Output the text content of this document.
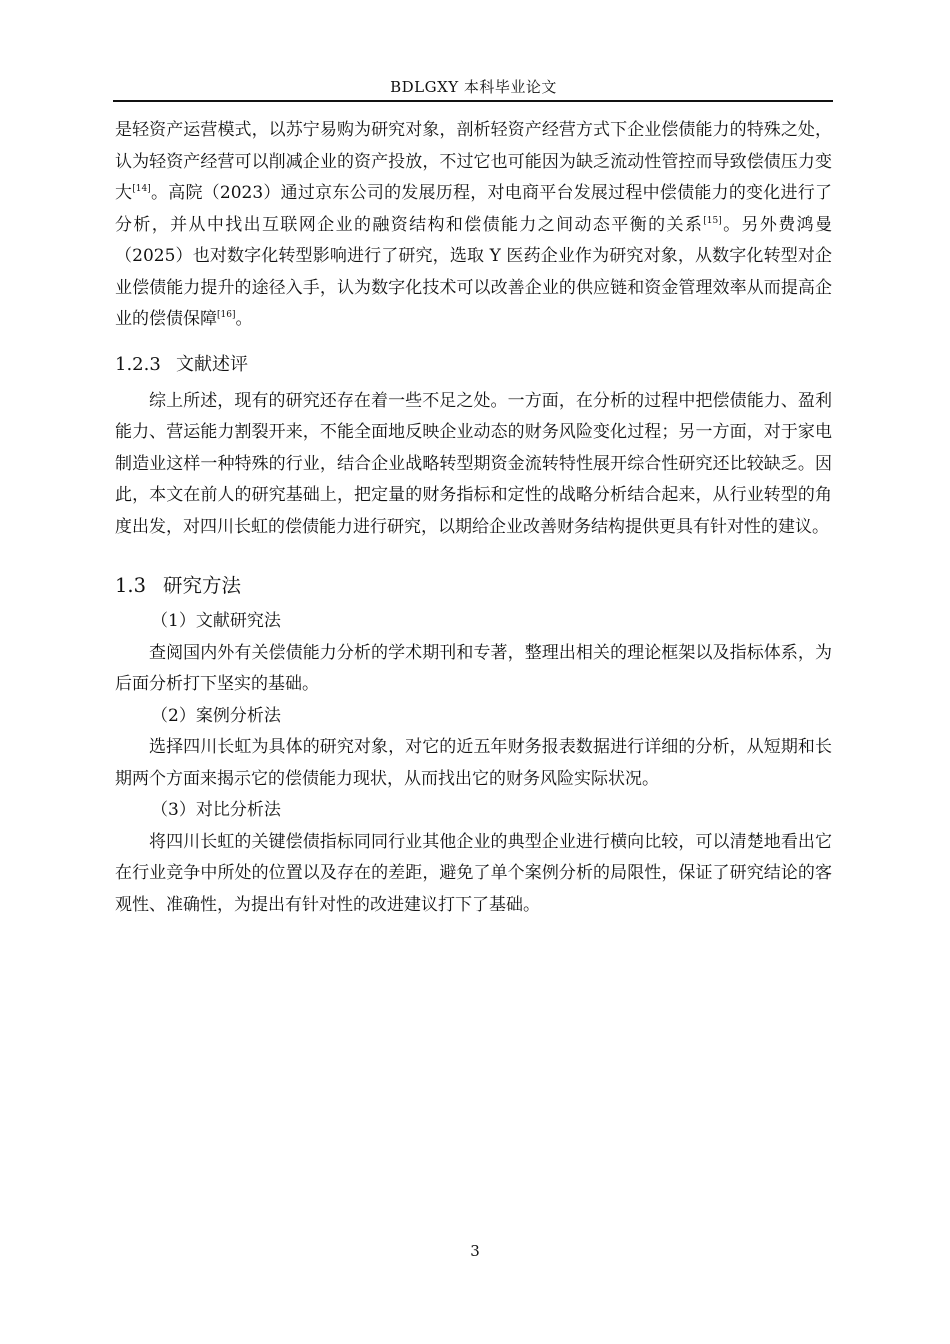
BDLGXY 本科毕业论文

是轻资产运营模式，以苏宁易购为研究对象，剖析轻资产经营方式下企业偿债能力的特殊之处，认为轻资产经营可以削减企业的资产投放，不过它也可能因为缺乏流动性管控而导致偿债压力变大[14]。高院（2023）通过京东公司的发展历程，对电商平台发展过程中偿债能力的变化进行了分析，并从中找出互联网企业的融资结构和偿债能力之间动态平衡的关系[15]。另外费鸿曼（2025）也对数字化转型影响进行了研究，选取 Y 医药企业作为研究对象，从数字化转型对企业偿债能力提升的途径入手，认为数字化技术可以改善企业的供应链和资金管理效率从而提高企业的偿债保障[16]。

1.2.3 文献述评

综上所述，现有的研究还存在着一些不足之处。一方面，在分析的过程中把偿债能力、盈利能力、营运能力割裂开来，不能全面地反映企业动态的财务风险变化过程；另一方面，对于家电制造业这样一种特殊的行业，结合企业战略转型期资金流转特性展开综合性研究还比较缺乏。因此，本文在前人的研究基础上，把定量的财务指标和定性的战略分析结合起来，从行业转型的角度出发，对四川长虹的偿债能力进行研究，以期给企业改善财务结构提供更具有针对性的建议。

1.3 研究方法

（1）文献研究法

查阅国内外有关偿债能力分析的学术期刊和专著，整理出相关的理论框架以及指标体系，为后面分析打下坚实的基础。

（2）案例分析法

选择四川长虹为具体的研究对象，对它的近五年财务报表数据进行详细的分析，从短期和长期两个方面来揭示它的偿债能力现状，从而找出它的财务风险实际状况。

（3）对比分析法

将四川长虹的关键偿债指标同同行业其他企业的典型企业进行横向比较，可以清楚地看出它在行业竞争中所处的位置以及存在的差距，避免了单个案例分析的局限性，保证了研究结论的客观性、准确性，为提出有针对性的改进建议打下了基础。

3
